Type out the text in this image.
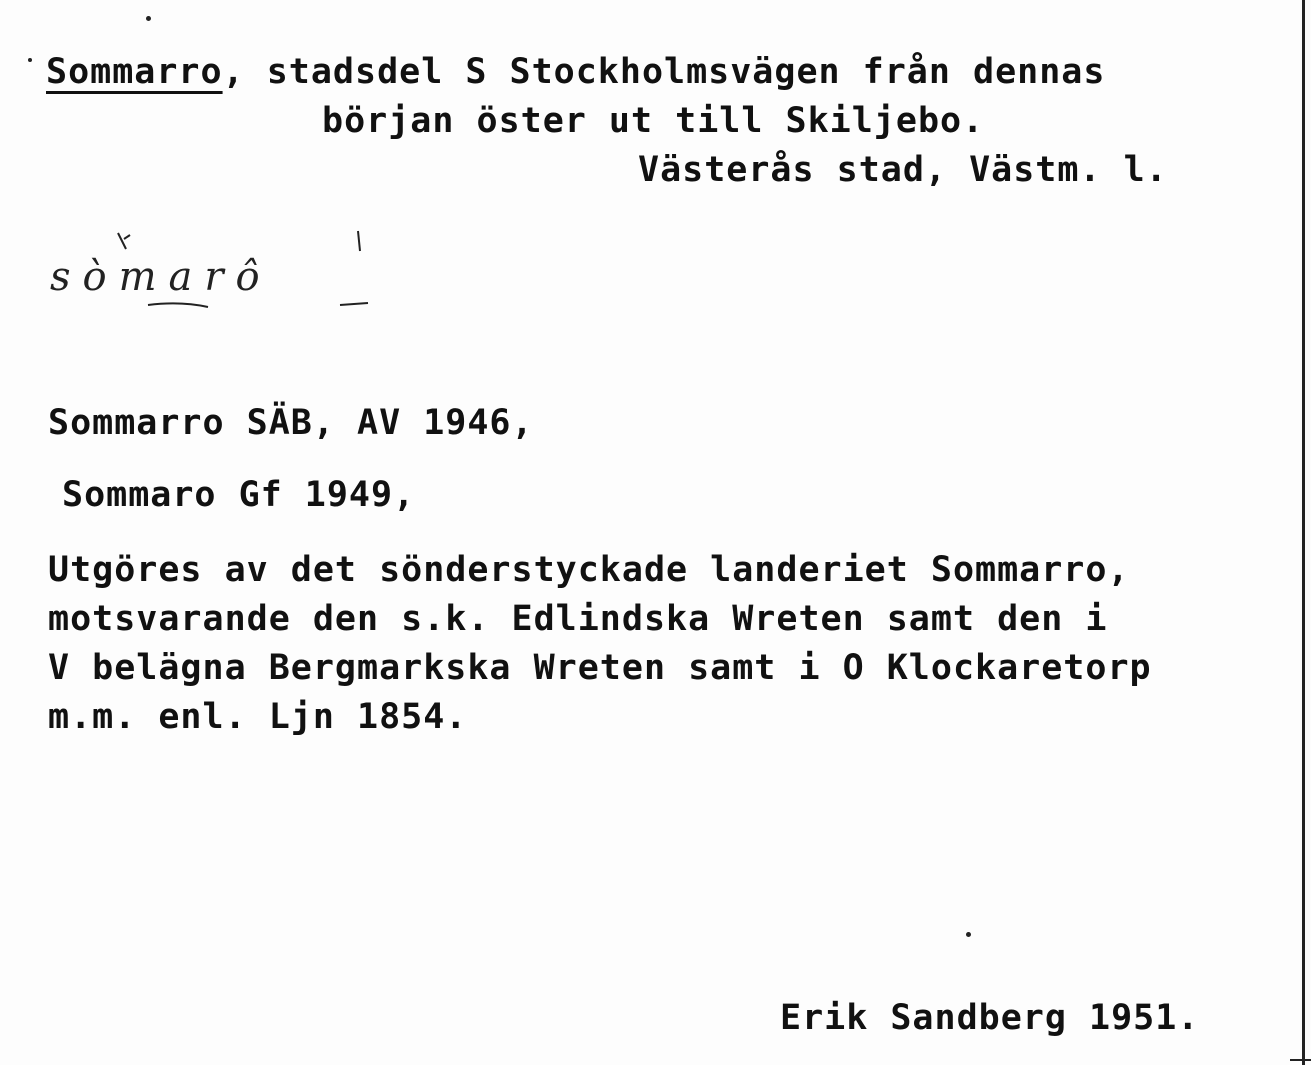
Sommarro, stadsdel S Stockholmsvägen från dennas
början öster ut till Skiljebo.
Västerås stad, Västm. l.
sòmarô
Sommarro SÄB, AV 1946,
Sommaro Gf 1949,
Utgöres av det sönderstyckade landeriet Sommarro,
motsvarande den s.k. Edlindska Wreten samt den i
V belägna Bergmarkska Wreten samt i O Klockaretorp
m.m. enl. Ljn 1854.
Erik Sandberg 1951.
